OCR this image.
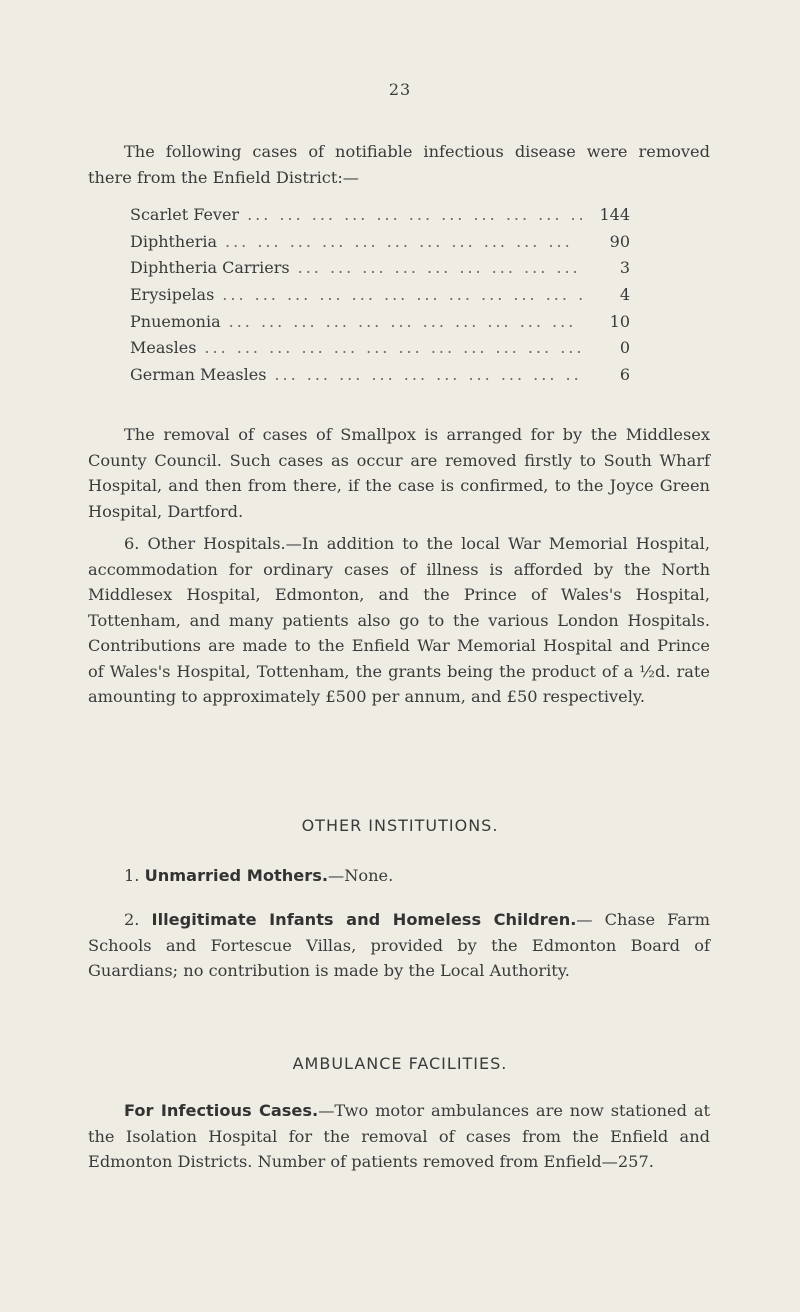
23

The following cases of notifiable infectious disease were removed there from the Enfield District:—

Scarlet Fever ... .	144
Diphtheria ... .	90
Diphtheria Carriers ... .	3
Erysipelas ... .	4
Pnuemonia ... .	10
Measles ... .	0
German Measles ... .	6

The removal of cases of Smallpox is arranged for by the Middlesex County Council. Such cases as occur are removed firstly to South Wharf Hospital, and then from there, if the case is confirmed, to the Joyce Green Hospital, Dartford.

6. Other Hospitals.—In addition to the local War Memorial Hospital, accommodation for ordinary cases of illness is afforded by the North Middlesex Hospital, Edmonton, and the Prince of Wales's Hospital, Tottenham, and many patients also go to the various London Hospitals. Contributions are made to the Enfield War Memorial Hospital and Prince of Wales's Hospital, Tottenham, the grants being the product of a ½d. rate amounting to approximately £500 per annum, and £50 respectively.

OTHER INSTITUTIONS.

1. Unmarried Mothers.—None.

2. Illegitimate Infants and Homeless Children.— Chase Farm Schools and Fortescue Villas, provided by the Edmonton Board of Guardians; no contribution is made by the Local Authority.

AMBULANCE FACILITIES.

For Infectious Cases.—Two motor ambulances are now stationed at the Isolation Hospital for the removal of cases from the Enfield and Edmonton Districts. Number of patients removed from Enfield—257.
